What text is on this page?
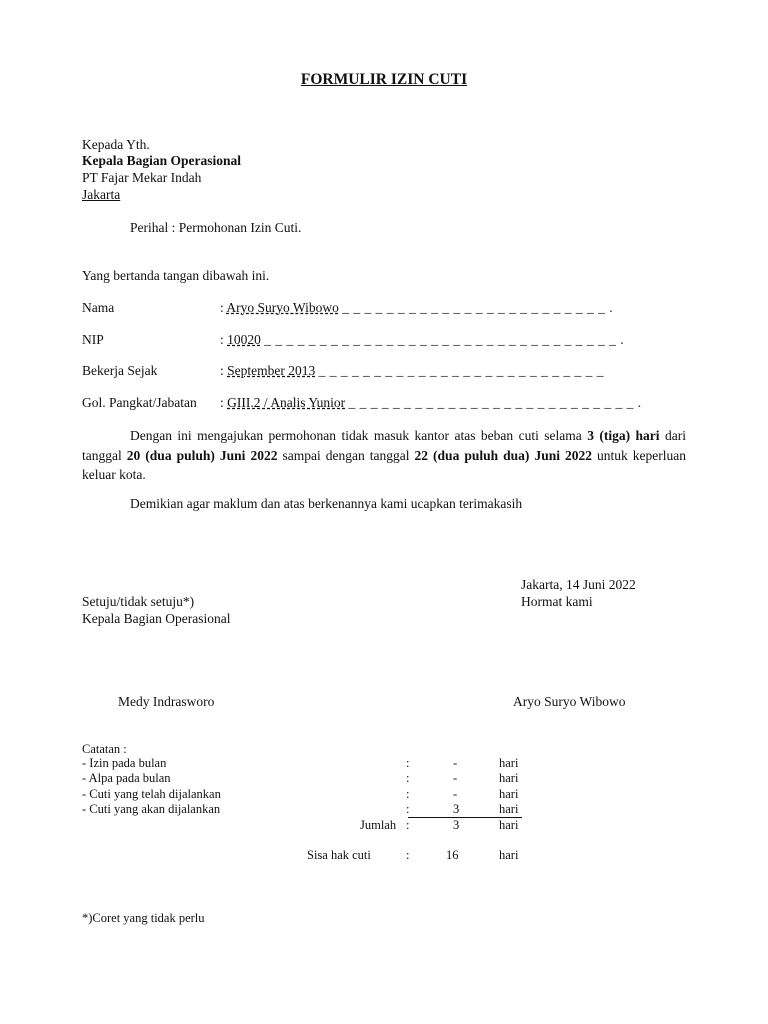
FORMULIR IZIN CUTI
Kepada Yth.
Kepala Bagian Operasional
PT Fajar Mekar Indah
Jakarta
Perihal : Permohonan Izin Cuti.
Yang bertanda tangan dibawah ini.
Nama	: Aryo Suryo Wibowo _ _ _ _ _ _ _ _ _ _ _ _ _ _ _ _ _ _ _ _ _ _ _ _ .
NIP	: 10020 _ _ _ _ _ _ _ _ _ _ _ _ _ _ _ _ _ _ _ _ _ _ _ _ _ _ _ _ _ _ _ _ .
Bekerja Sejak	: September 2013 _ _ _ _ _ _ _ _ _ _ _ _ _ _ _ _ _ _ _ _ _ _ _ _ _ _
Gol. Pangkat/Jabatan : GIII.2 / Analis Yunior _ _ _ _ _ _ _ _ _ _ _ _ _ _ _ _ _ _ _ _ _ _ _ _ _ _ .
Dengan ini mengajukan permohonan tidak masuk kantor atas beban cuti selama 3 (tiga) hari dari tanggal 20 (dua puluh) Juni 2022 sampai dengan tanggal 22 (dua puluh dua) Juni 2022 untuk keperluan keluar kota.
Demikian agar maklum dan atas berkenannya kami ucapkan terimakasih
Jakarta, 14 Juni 2022
Setuju/tidak setuju*)	Hormat kami
Kepala Bagian Operasional
Medy Indrasworo	Aryo Suryo Wibowo
Catatan :
- Izin pada bulan	:	-	hari
- Alpa pada bulan	:	-	hari
- Cuti yang telah dijalankan	:	-	hari
- Cuti yang akan dijalankan	:	3	hari
Jumlah :	3	hari
Sisa hak cuti	:	16	hari
*)Coret yang tidak perlu
